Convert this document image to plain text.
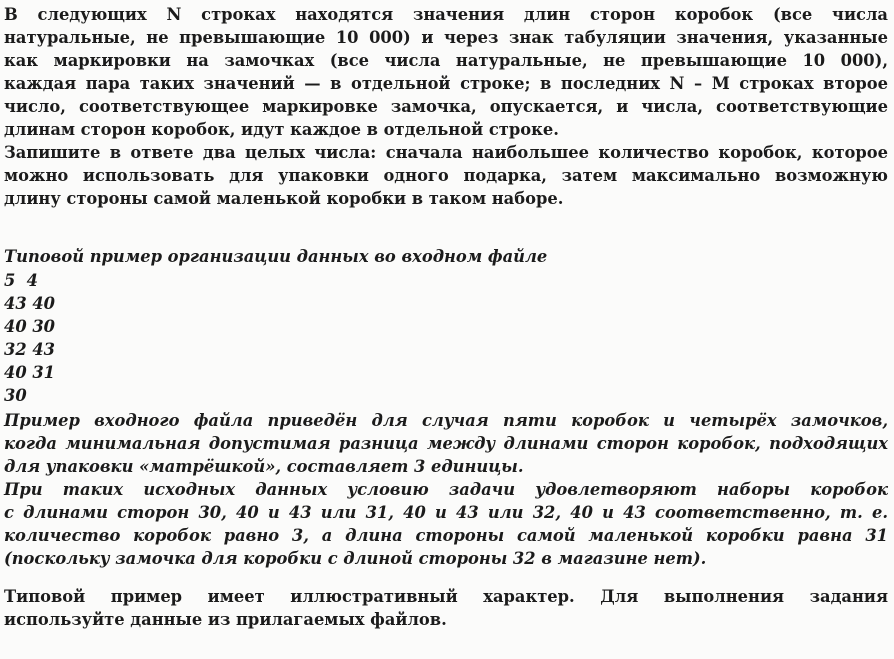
В следующих N строках находятся значения длин сторон коробок (все числа
натуральные, не превышающие 10 000) и через знак табуляции значения, указанные
как маркировки на замочках (все числа натуральные, не превышающие 10 000),
каждая пара таких значений — в отдельной строке; в последних N – M строках второе
число, соответствующее маркировке замочка, опускается, и числа, соответствующие
длинам сторон коробок, идут каждое в отдельной строке.

Запишите в ответе два целых числа: сначала наибольшее количество коробок, которое
можно использовать для упаковки одного подарка, затем максимально возможную
длину стороны самой маленькой коробки в таком наборе.

Типовой пример организации данных во входном файле
5  4
43 40
40 30
32 43
40 31
30

Пример входного файла приведён для случая пяти коробок и четырёх замочков,
когда минимальная допустимая разница между длинами сторон коробок, подходящих
для упаковки «матрёшкой», составляет 3 единицы.

При таких исходных данных условию задачи удовлетворяют наборы коробок
с длинами сторон 30, 40 и 43 или 31, 40 и 43 или 32, 40 и 43 соответственно, т. е.
количество коробок равно 3, а длина стороны самой маленькой коробки равна 31
(поскольку замочка для коробки с длиной стороны 32 в магазине нет).

Типовой пример имеет иллюстративный характер. Для выполнения задания
используйте данные из прилагаемых файлов.
